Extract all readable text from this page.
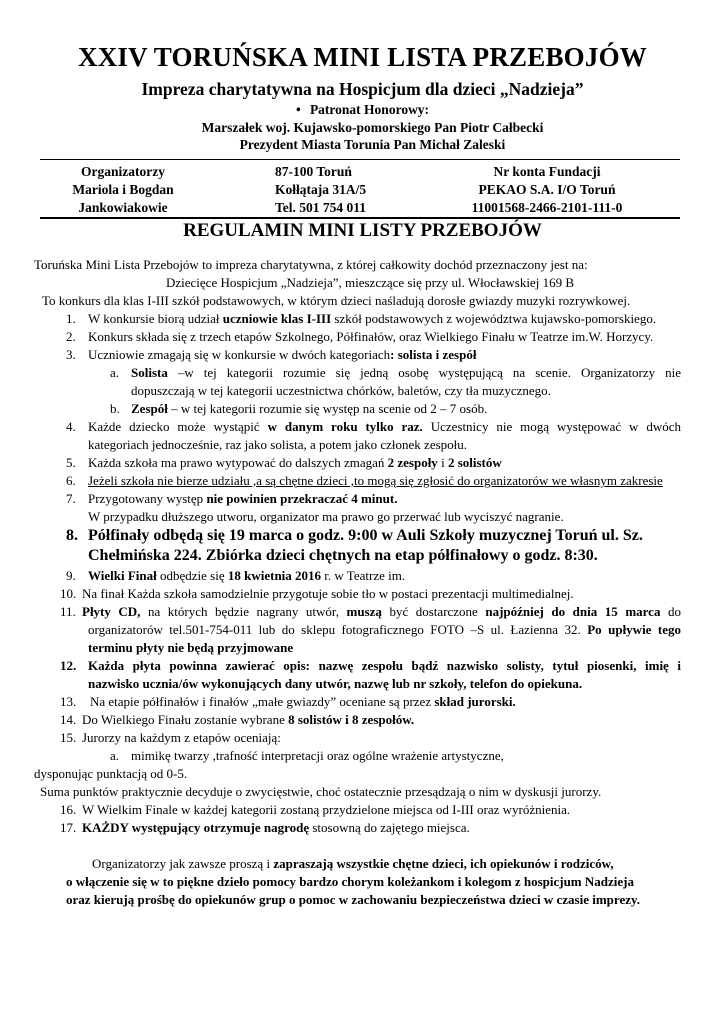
XXIV TORUŃSKA MINI LISTA PRZEBOJÓW
Impreza charytatywna na Hospicjum dla dzieci „Nadzieja”
• Patronat Honorowy:
Marszałek woj. Kujawsko-pomorskiego Pan Piotr Całbecki
Prezydent Miasta Torunia Pan Michał Zaleski
Organizatorzy
Mariola i Bogdan
Jankowiakowie
87-100 Toruń
Kołłątaja 31A/5
Tel. 501 754 011
Nr konta Fundacji
PEKAO S.A. I/O Toruń
11001568-2466-2101-111-0
REGULAMIN MINI LISTY PRZEBOJÓW
Toruńska Mini Lista Przebojów to impreza charytatywna, z której całkowity dochód przeznaczony jest na:
Dziecięce Hospicjum „Nadzieja”, mieszczące się przy ul. Włocławskiej 169 B
To konkurs dla klas I-III szkół podstawowych, w którym dzieci naśladują dorosłe gwiazdy muzyki rozrywkowej.
1. W konkursie biorą udział uczniowie klas I-III szkół podstawowych z województwa kujawsko-pomorskiego.
2. Konkurs składa się z trzech etapów Szkolnego, Półfinałów, oraz Wielkiego Finału w Teatrze im.W. Horzycy.
3. Uczniowie zmagają się w konkursie w dwóch kategoriach: solista i zespół
a. Solista –w tej kategorii rozumie się jedną osobę występującą na scenie. Organizatorzy nie
dopuszczają w tej kategorii uczestnictwa chórków, baletów, czy tła muzycznego.
b. Zespół – w tej kategorii rozumie się występ na scenie od 2 – 7 osób.
4. Każde dziecko może wystąpić w danym roku tylko raz. Uczestnicy nie mogą występować w dwóch
kategoriach jednocześnie, raz jako solista, a potem jako członek zespołu.
5. Każda szkoła ma prawo wytypować do dalszych zmagań 2 zespoły i 2 solistów
6. Jeżeli szkoła nie bierze udziału ,a są chętne dzieci ,to mogą się zgłosić do organizatorów we własnym zakresie
7. Przygotowany występ nie powinien przekraczać 4 minut.
W przypadku dłuższego utworu, organizator ma prawo go przerwać lub wyciszyć nagranie.
8. Półfinały odbędą się 19 marca o godz. 9:00 w Auli Szkoły muzycznej Toruń ul. Sz.
Chełmińska 224. Zbiórka dzieci chętnych na etap półfinałowy o godz. 8:30.
9. Wielki Finał odbędzie się 18 kwietnia 2016 r. w Teatrze im.
10. Na finał Każda szkoła samodzielnie przygotuje sobie tło w postaci prezentacji multimedialnej.
11. Płyty CD, na których będzie nagrany utwór, muszą być dostarczone najpóźniej do dnia 15 marca do
organizatorów tel.501-754-011 lub do sklepu fotograficznego FOTO –S ul. Łazienna 32. Po upływie tego
terminu płyty nie będą przyjmowane
12. Każda płyta powinna zawierać opis: nazwę zespołu bądź nazwisko solisty, tytuł piosenki, imię i
nazwisko ucznia/ów wykonujących dany utwór, nazwę lub nr szkoły, telefon do opiekuna.
13. Na etapie półfinałów i finałów „małe gwiazdy” oceniane są przez skład jurorski.
14. Do Wielkiego Finału zostanie wybrane 8 solistów i 8 zespołów.
15. Jurorzy na każdym z etapów oceniają:
a. mimikę twarzy ,trafność interpretacji oraz ogólne wrażenie artystyczne,
dysponując punktacją od 0-5.
Suma punktów praktycznie decyduje o zwycięstwie, choć ostatecznie przesądzają o nim w dyskusji jurorzy.
16. W Wielkim Finale w każdej kategorii zostaną przydzielone miejsca od I-III oraz wyróżnienia.
17. KAŻDY występujący otrzymuje nagrodę stosowną do zajętego miejsca.
Organizatorzy jak zawsze proszą i zapraszają wszystkie chętne dzieci, ich opiekunów i rodziców,
o włączenie się w to piękne dzieło pomocy bardzo chorym koleżankom i kolegom z hospicjum Nadzieja
oraz kierują prośbę do opiekunów grup o pomoc w zachowaniu bezpieczeństwa dzieci w czasie imprezy.
